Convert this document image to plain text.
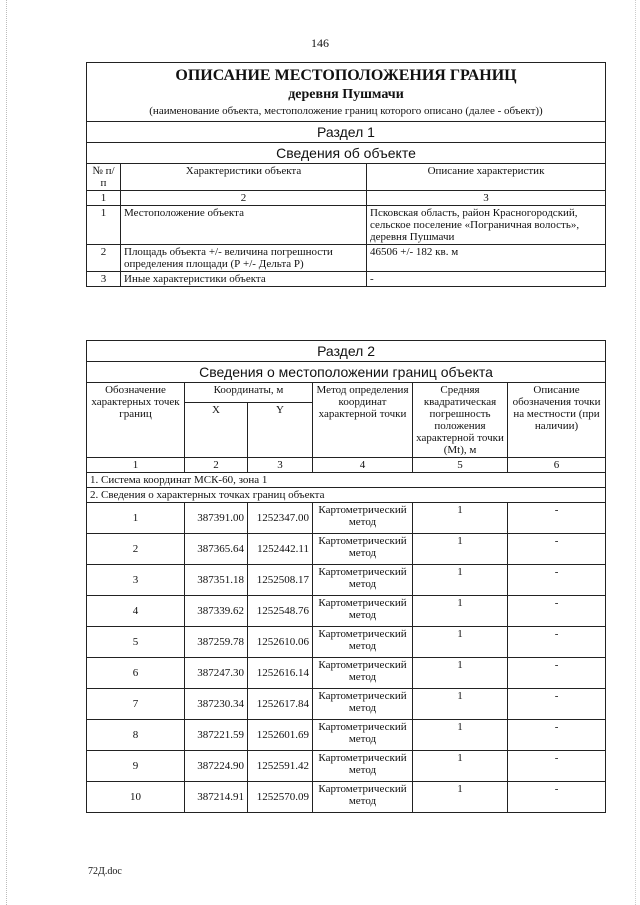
146
ОПИСАНИЕ МЕСТОПОЛОЖЕНИЯ ГРАНИЦ
деревня Пушмачи
(наименование объекта, местоположение границ которого описано (далее - объект))		

Раздел 1		
Сведения об объекте		
№ п/п	Характеристики объекта	Описание характеристик
1	2	3
1	Местоположение объекта	Псковская область, район Красногородский, сельское поселение «Пограничная волость», деревня Пушмачи
2	Площадь объекта +/- величина погрешности определения площади (Р +/- Дельта Р)	46506 +/- 182 кв. м
3	Иные характеристики объекта	-
Раздел 2					
Сведения о местоположении границ объекта					
Обозначение характерных точек границ	Координаты, м		Метод определения координат характерной точки	Средняя квадратическая погрешность положения характерной точки (Mt), м	Описание обозначения точки на местности (при наличии)
	X	Y			
1	2	3	4	5	6
1. Система координат МСК-60, зона 1					
2. Сведения о характерных точках границ объекта					
1	387391.00	1252347.00	Картометрический метод	1	-
2	387365.64	1252442.11	Картометрический метод	1	-
3	387351.18	1252508.17	Картометрический метод	1	-
4	387339.62	1252548.76	Картометрический метод	1	-
5	387259.78	1252610.06	Картометрический метод	1	-
6	387247.30	1252616.14	Картометрический метод	1	-
7	387230.34	1252617.84	Картометрический метод	1	-
8	387221.59	1252601.69	Картометрический метод	1	-
9	387224.90	1252591.42	Картометрический метод	1	-
10	387214.91	1252570.09	Картометрический метод	1	-
72Д.doc
